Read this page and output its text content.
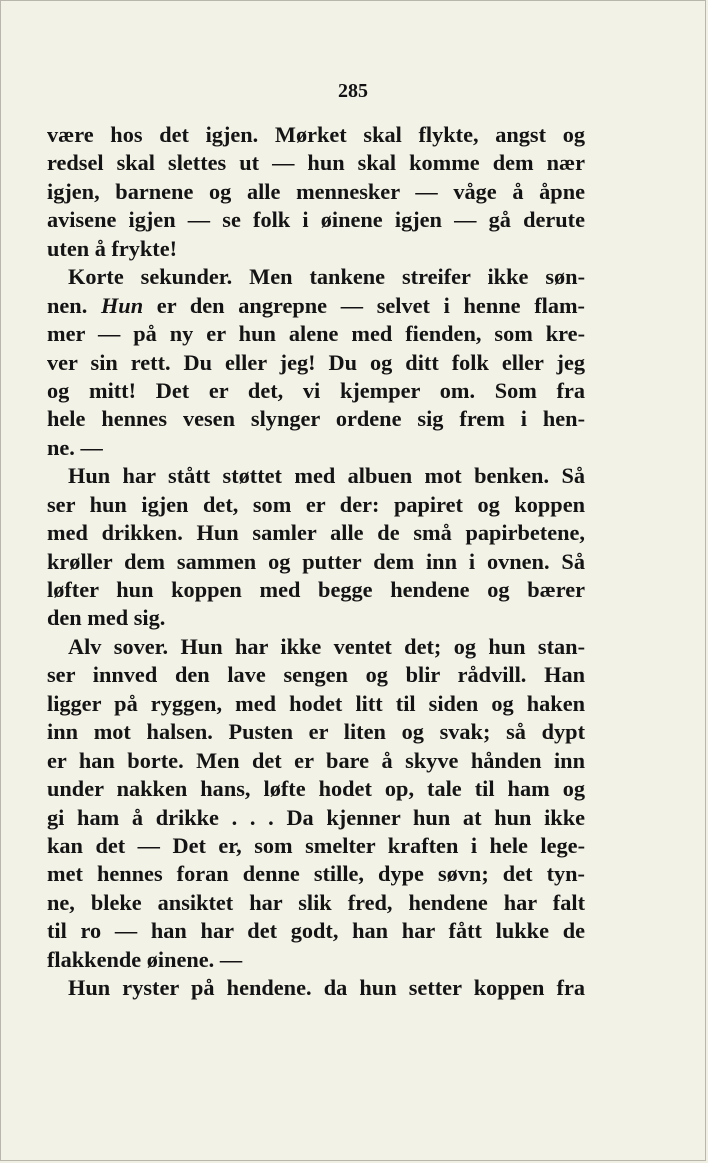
285
være hos det igjen. Mørket skal flykte, angst og
redsel skal slettes ut — hun skal komme dem nær
igjen, barnene og alle mennesker — våge å åpne
avisene igjen — se folk i øinene igjen — gå derute
uten å frykte!
Korte sekunder. Men tankene streifer ikke søn-
nen. Hun er den angrepne — selvet i henne flam-
mer — på ny er hun alene med fienden, som kre-
ver sin rett. Du eller jeg! Du og ditt folk eller jeg
og mitt! Det er det, vi kjemper om. Som fra
hele hennes vesen slynger ordene sig frem i hen-
ne. —
Hun har stått støttet med albuen mot benken. Så
ser hun igjen det, som er der: papiret og koppen
med drikken. Hun samler alle de små papirbetene,
krøller dem sammen og putter dem inn i ovnen. Så
løfter hun koppen med begge hendene og bærer
den med sig.
Alv sover. Hun har ikke ventet det; og hun stan-
ser innved den lave sengen og blir rådvill. Han
ligger på ryggen, med hodet litt til siden og haken
inn mot halsen. Pusten er liten og svak; så dypt
er han borte. Men det er bare å skyve hånden inn
under nakken hans, løfte hodet op, tale til ham og
gi ham å drikke . . . Da kjenner hun at hun ikke
kan det — Det er, som smelter kraften i hele lege-
met hennes foran denne stille, dype søvn; det tyn-
ne, bleke ansiktet har slik fred, hendene har falt
til ro — han har det godt, han har fått lukke de
flakkende øinene. —
Hun ryster på hendene. da hun setter koppen fra
